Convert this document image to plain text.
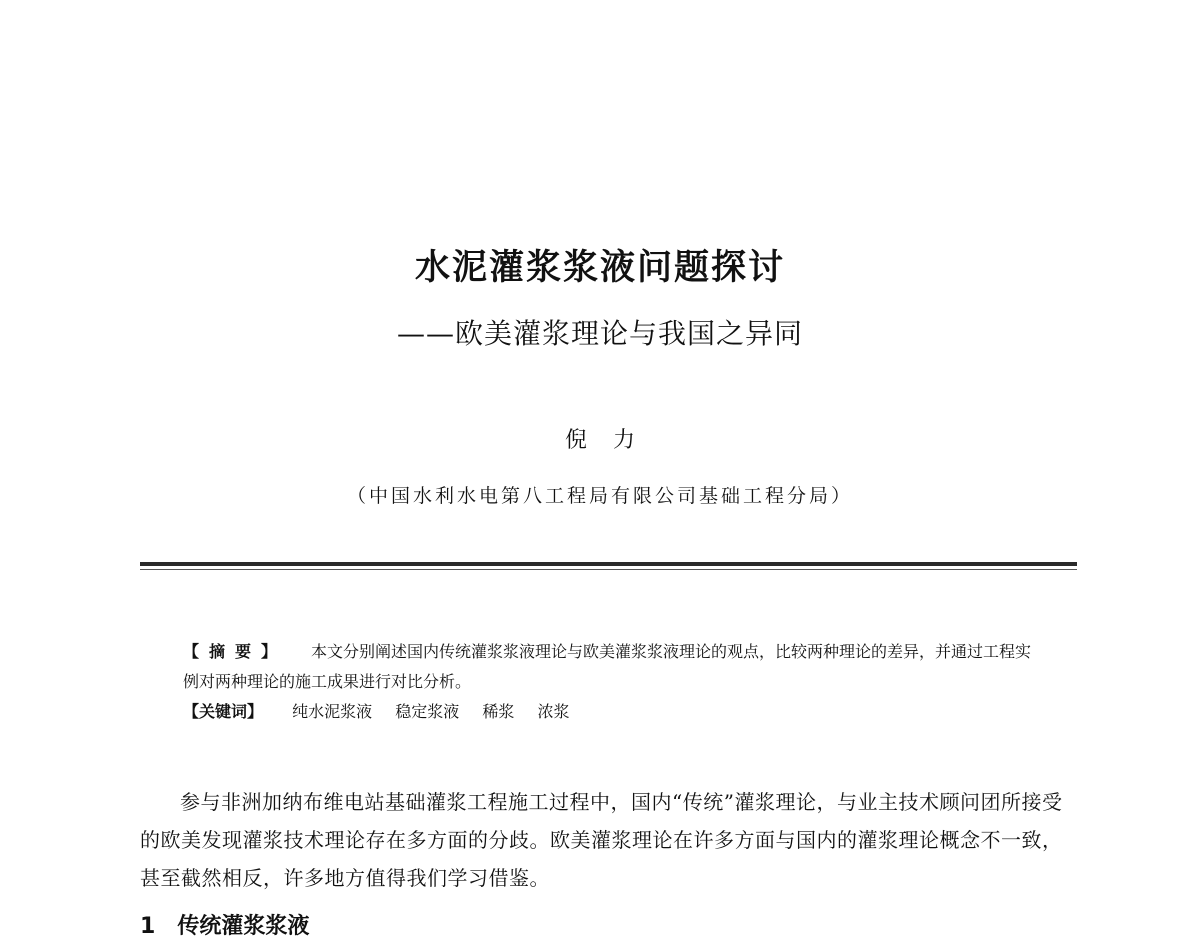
水泥灌浆浆液问题探讨
——欧美灌浆理论与我国之异同
倪力
（中国水利水电第八工程局有限公司基础工程分局）

【摘要】 本文分别阐述国内传统灌浆浆液理论与欧美灌浆浆液理论的观点，比较两种理论的差异，并通过工程实例对两种理论的施工成果进行对比分析。

【关键词】 纯水泥浆液 稳定浆液 稀浆 浓浆

参与非洲加纳布维电站基础灌浆工程施工过程中，国内“传统”灌浆理论，与业主技术顾问团所接受的欧美发现灌浆技术理论存在多方面的分歧。欧美灌浆理论在许多方面与国内的灌浆理论概念不一致，甚至截然相反，许多地方值得我们学习借鉴。

1 传统灌浆浆液
